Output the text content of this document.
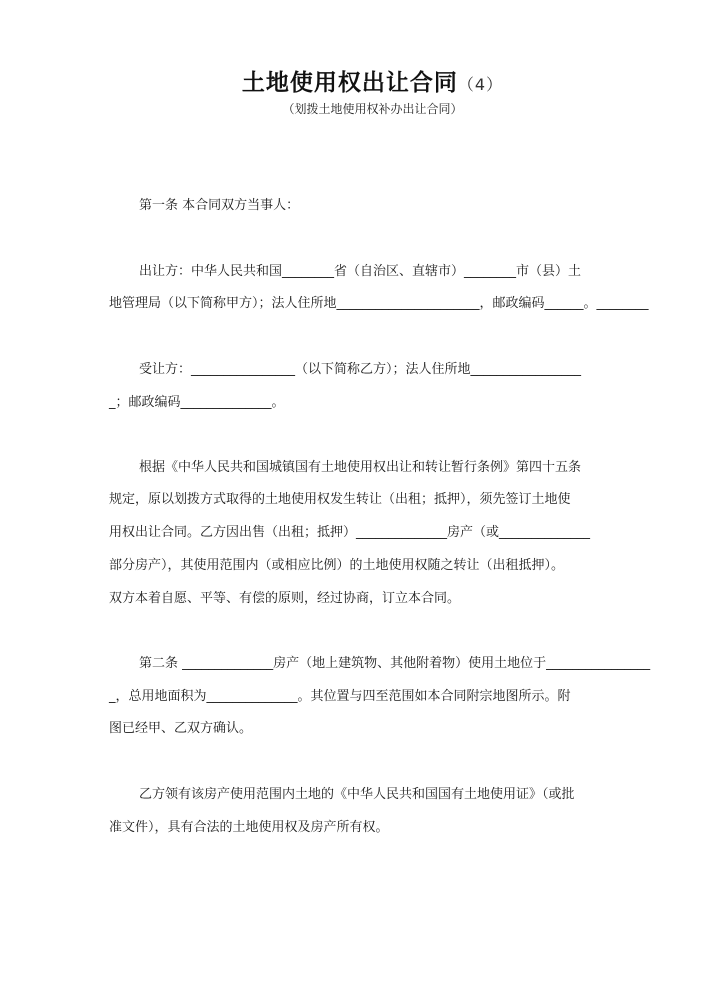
土地使用权出让合同（4）
（划拨土地使用权补办出让合同）
第一条 本合同双方当事人：
出让方：中华人民共和国________省（自治区、直辖市）________市（县）土
地管理局（以下简称甲方）；法人住所地______________________，邮政编码______。________
受让方：________________（以下简称乙方）；法人住所地_________________
_；邮政编码______________。
根据《中华人民共和国城镇国有土地使用权出让和转让暂行条例》第四十五条
规定，原以划拨方式取得的土地使用权发生转让（出租；抵押），须先签订土地使
用权出让合同。乙方因出售（出租；抵押）______________房产（或______________
部分房产），其使用范围内（或相应比例）的土地使用权随之转让（出租抵押）。
双方本着自愿、平等、有偿的原则，经过协商，订立本合同。
第二条 ______________房产（地上建筑物、其他附着物）使用土地位于________________
_，总用地面积为______________。其位置与四至范围如本合同附宗地图所示。附
图已经甲、乙双方确认。
乙方领有该房产使用范围内土地的《中华人民共和国国有土地使用证》（或批
准文件），具有合法的土地使用权及房产所有权。
